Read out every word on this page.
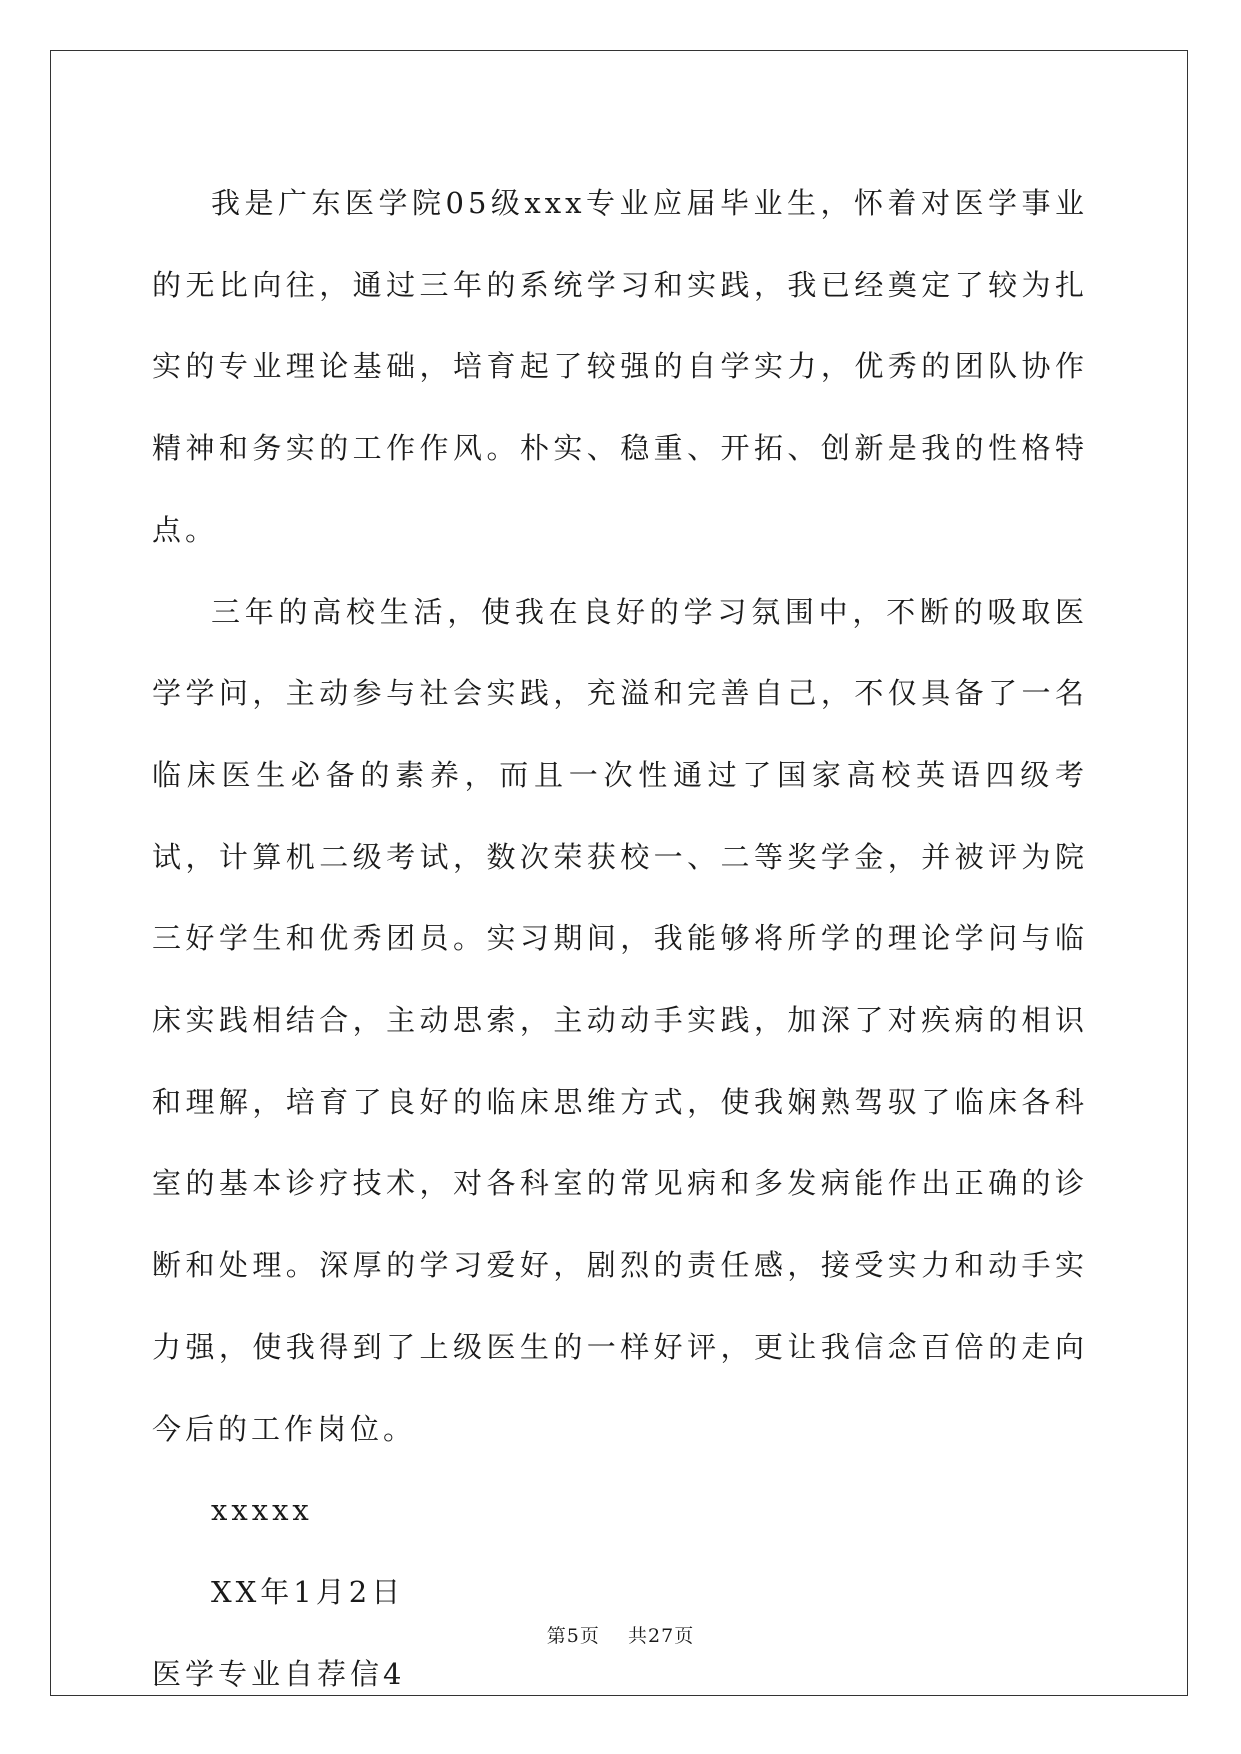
我是广东医学院05级xxx专业应届毕业生，怀着对医学事业的无比向往，通过三年的系统学习和实践，我已经奠定了较为扎实的专业理论基础，培育起了较强的自学实力，优秀的团队协作精神和务实的工作作风。朴实、稳重、开拓、创新是我的性格特点。

三年的高校生活，使我在良好的学习氛围中，不断的吸取医学学问，主动参与社会实践，充溢和完善自己，不仅具备了一名临床医生必备的素养，而且一次性通过了国家高校英语四级考试，计算机二级考试，数次荣获校一、二等奖学金，并被评为院三好学生和优秀团员。实习期间，我能够将所学的理论学问与临床实践相结合，主动思索，主动动手实践，加深了对疾病的相识和理解，培育了良好的临床思维方式，使我娴熟驾驭了临床各科室的基本诊疗技术，对各科室的常见病和多发病能作出正确的诊断和处理。深厚的学习爱好，剧烈的责任感，接受实力和动手实力强，使我得到了上级医生的一样好评，更让我信念百倍的走向今后的工作岗位。

xxxxx

XX年1月2日

医学专业自荐信4

第5页 共27页
